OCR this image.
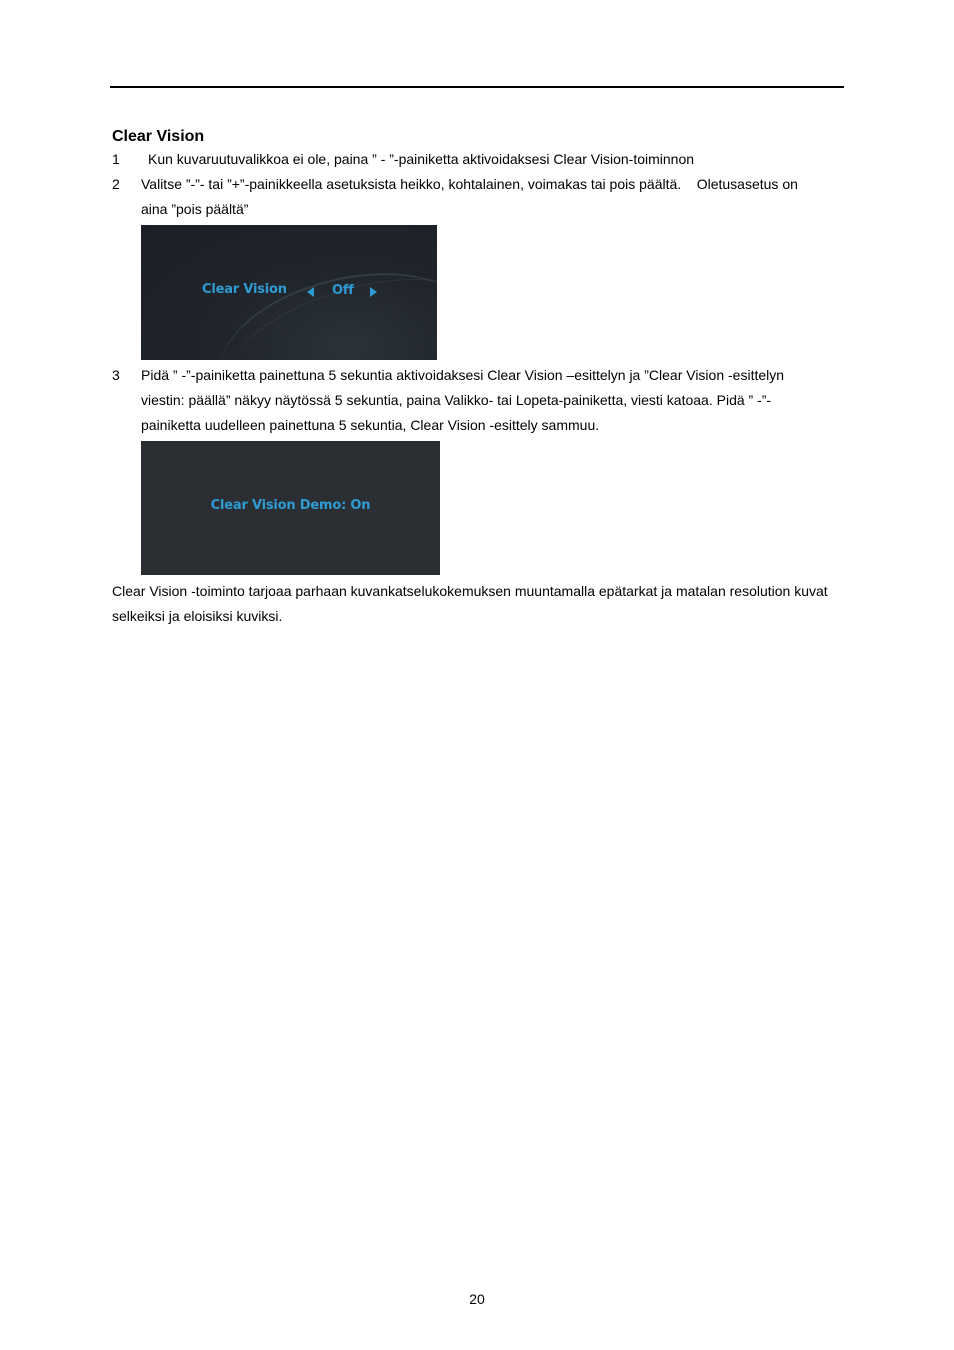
Clear Vision
1 Kun kuvaruutuvalikkoa ei ole, paina ” - ”-painiketta aktivoidaksesi Clear Vision-toiminnon
2 Valitse ”-”- tai ”+”-painikkeella asetuksista heikko, kohtalainen, voimakas tai pois päältä.    Oletusasetus on aina ”pois päältä”
Clear Vision	Off
3 Pidä ” -”-painiketta painettuna 5 sekuntia aktivoidaksesi Clear Vision –esittelyn ja ”Clear Vision -esittelyn viestin: päällä” näkyy näytössä 5 sekuntia, paina Valikko- tai Lopeta-painiketta, viesti katoaa. Pidä ” -”-painiketta uudelleen painettuna 5 sekuntia, Clear Vision -esittely sammuu.
Clear Vision Demo: On

Clear Vision -toiminto tarjoaa parhaan kuvankatselukokemuksen muuntamalla epätarkat ja matalan resolution kuvat selkeiksi ja eloisiksi kuviksi.

20
